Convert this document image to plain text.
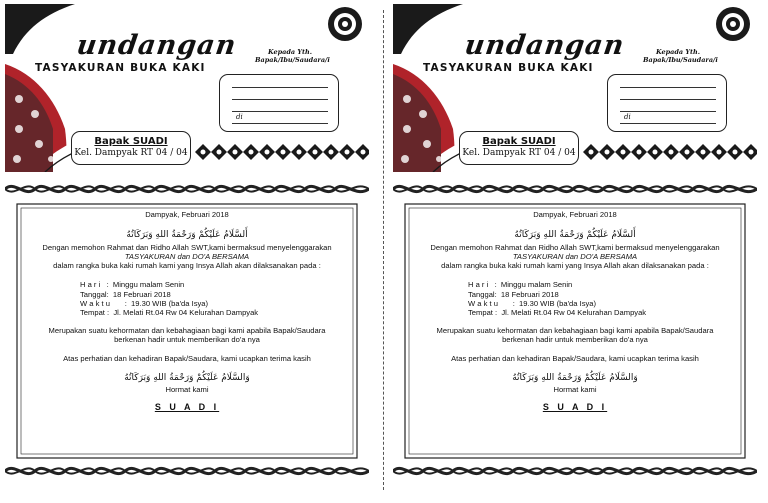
undangan
TASYAKURAN BUKA KAKI
Kepada Yth.
Bapak/Ibu/Saudara/i
di
Bapak SUADI
Kel. Dampyak RT 04 / 04
Dampyak, Februari 2018
أَلسَّلَامُ عَلَيْكُمْ وَرَحْمَةُ اللهِ وَبَرَكَاتُهُ
Dengan memohon Rahmat dan Ridho Allah SWT,kami bermaksud menyelenggarakan
TASYAKURAN dan DO'A BERSAMA
dalam rangka buka kaki rumah kami yang Insya Allah akan dilaksanakan pada :
H a r i   :  Minggu malam Senin
Tanggal:  18 Februari 2018
W a k t u       :  19.30 WIB (ba'da Isya)
Tempat :  Jl. Melati Rt.04 Rw 04 Kelurahan Dampyak
Merupakan suatu kehormatan dan kebahagiaan bagi kami apabila Bapak/Saudara
berkenan hadir untuk memberikan do'a nya
Atas perhatian dan kehadiran Bapak/Saudara, kami ucapkan terima kasih
وَالسَّلَامُ عَلَيْكُمْ وَرَحْمَةُ اللهِ وَبَرَكَاتُهُ
Hormat kami
S U A D I
undangan
TASYAKURAN BUKA KAKI
Kepada Yth.
Bapak/Ibu/Saudara/i
di
Bapak SUADI
Kel. Dampyak RT 04 / 04
Dampyak, Februari 2018
أَلسَّلَامُ عَلَيْكُمْ وَرَحْمَةُ اللهِ وَبَرَكَاتُهُ
Dengan memohon Rahmat dan Ridho Allah SWT,kami bermaksud menyelenggarakan
TASYAKURAN dan DO'A BERSAMA
dalam rangka buka kaki rumah kami yang Insya Allah akan dilaksanakan pada :
H a r i   :  Minggu malam Senin
Tanggal:  18 Februari 2018
W a k t u       :  19.30 WIB (ba'da Isya)
Tempat :  Jl. Melati Rt.04 Rw 04 Kelurahan Dampyak
Merupakan suatu kehormatan dan kebahagiaan bagi kami apabila Bapak/Saudara
berkenan hadir untuk memberikan do'a nya
Atas perhatian dan kehadiran Bapak/Saudara, kami ucapkan terima kasih
وَالسَّلَامُ عَلَيْكُمْ وَرَحْمَةُ اللهِ وَبَرَكَاتُهُ
Hormat kami
S U A D I
